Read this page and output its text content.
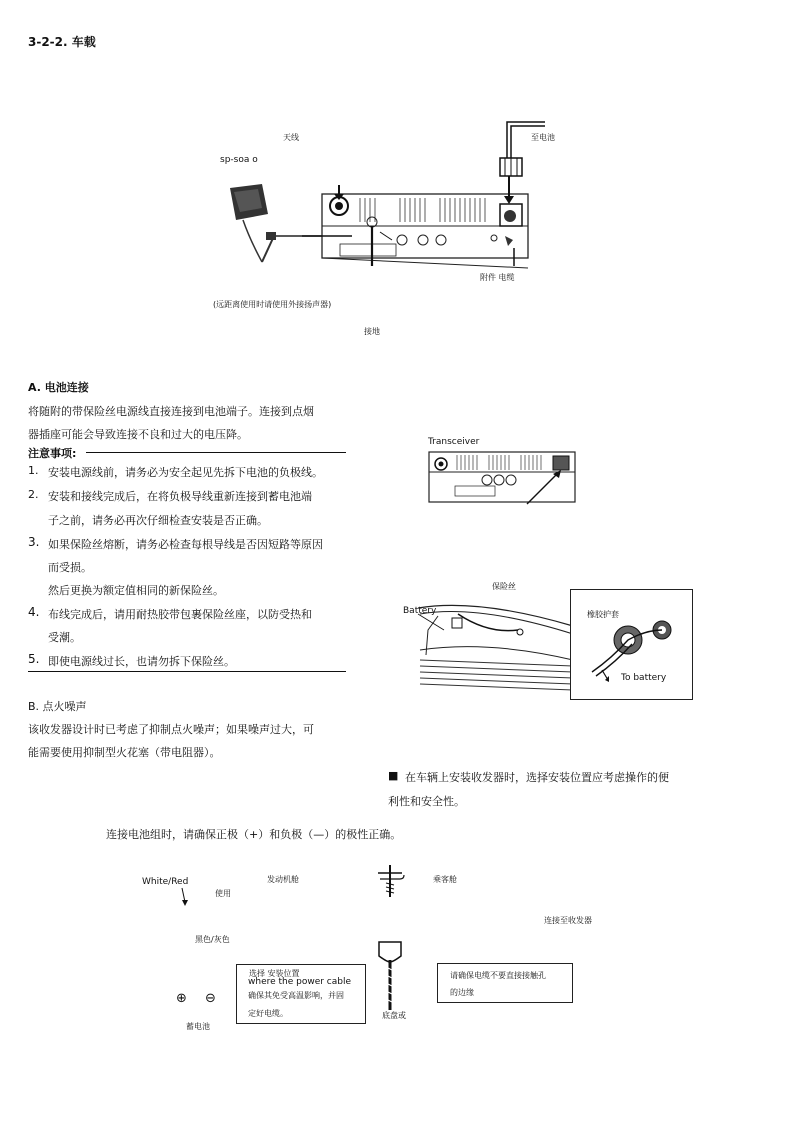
3-2-2. 车载
天线	至电池
sp-soa o
附件 电缆
(远距离使用时请使用外接扬声器)
接地
A. 电池连接
将随附的带保险丝电源线直接连接到电池端子。连接到点烟
器插座可能会导致连接不良和过大的电压降。
注意事项:
1. 安装电源线前，请务必为安全起见先拆下电池的负极线。
2. 安装和接线完成后，在将负极导线重新连接到蓄电池端
子之前，请务必再次仔细检查安装是否正确。
3. 如果保险丝熔断，请务必检查每根导线是否因短路等原因
而受损。
然后更换为额定值相同的新保险丝。
4. 布线完成后，请用耐热胶带包裹保险丝座，以防受热和
受潮。
5. 即使电源线过长，也请勿拆下保险丝。
B. 点火噪声
该收发器设计时已考虑了抑制点火噪声；如果噪声过大，可
能需要使用抑制型火花塞（带电阻器）。
Transceiver
保险丝
Battery	橡胶护套
To battery
■ 在车辆上安装收发器时，选择安装位置应考虑操作的便
利性和安全性。
连接电池组时，请确保正极（+）和负极（—）的极性正确。
White/Red
使用
发动机舱	乘客舱
连接至收发器
黑色/灰色
⊕ ⊖
蓄电池
选择 安装位置
where the power cable
确保其免受高温影响，并固
定好电缆。	底盘或
请确保电缆不要直接接触孔
的边缘
